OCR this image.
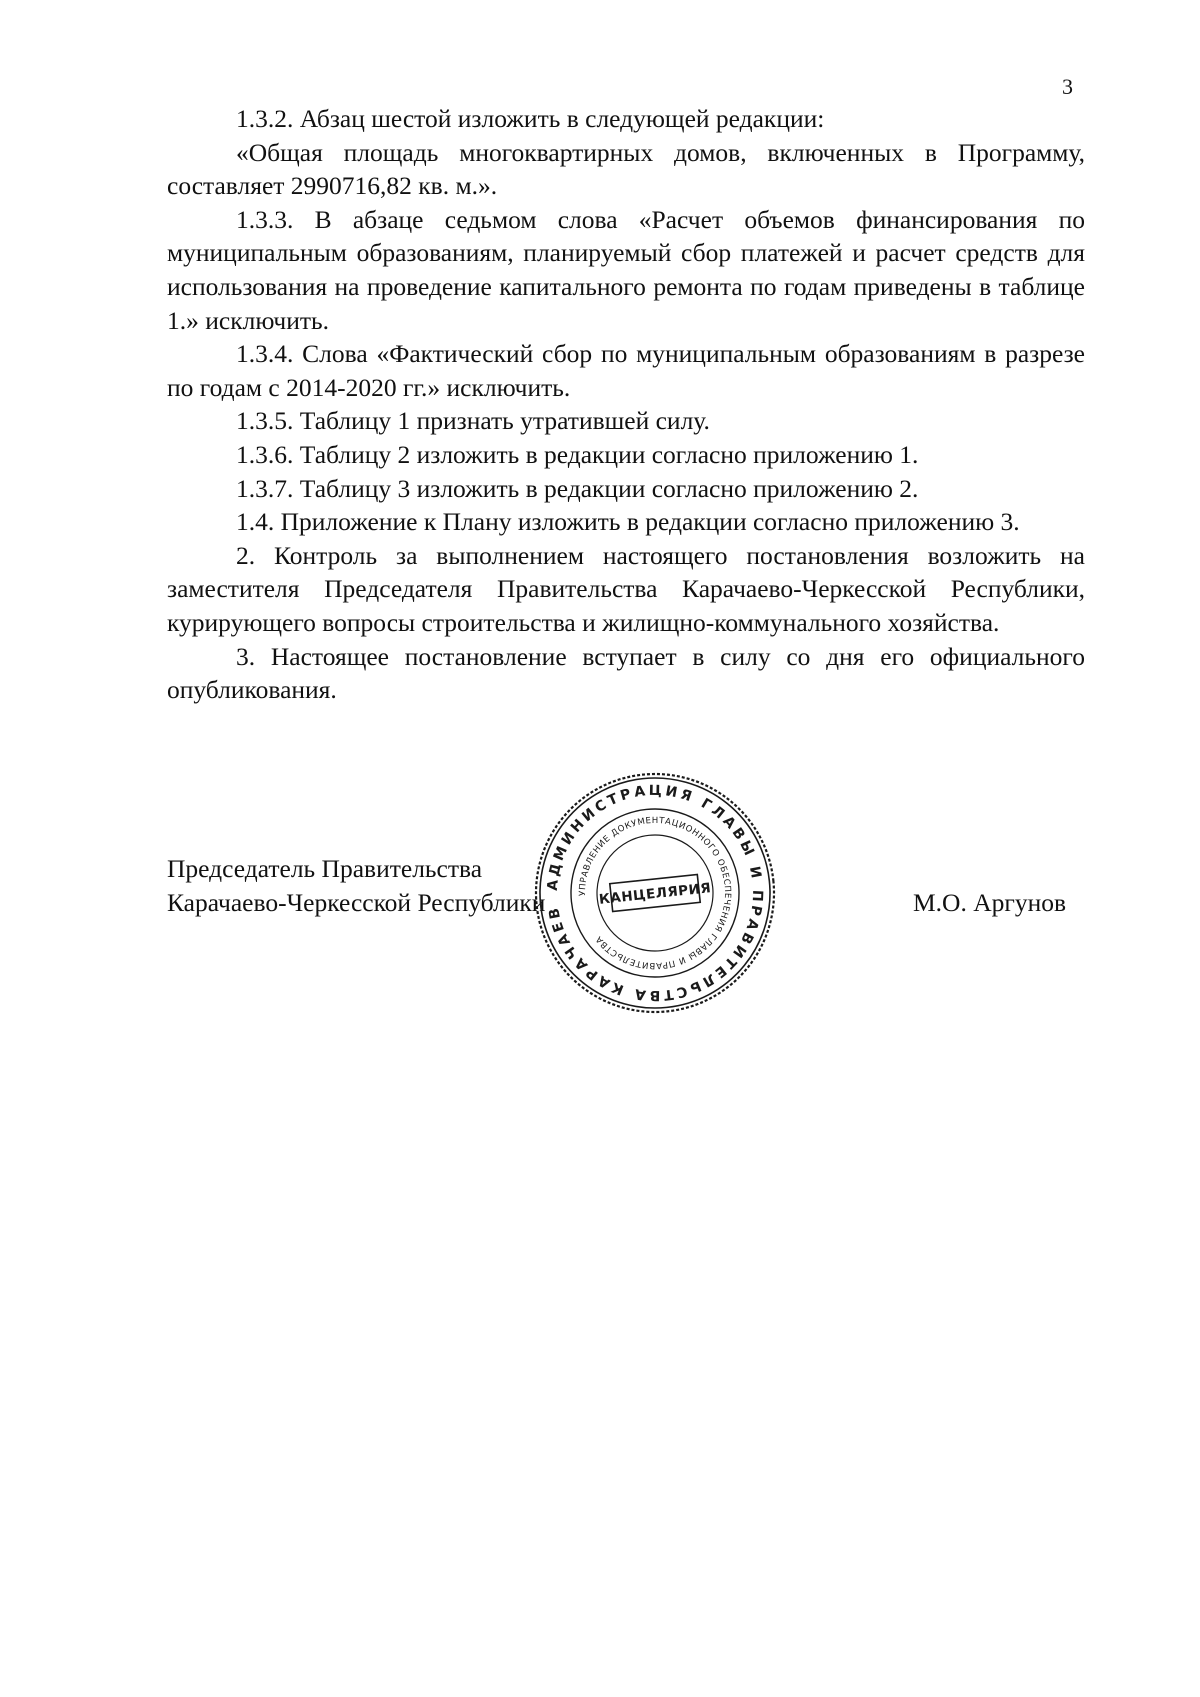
3

1.3.2. Абзац шестой изложить в следующей редакции:

«Общая площадь многоквартирных домов, включенных в Программу, составляет 2990716,82 кв. м.».

1.3.3. В абзаце седьмом слова «Расчет объемов финансирования по муниципальным образованиям, планируемый сбор платежей и расчет средств для использования на проведение капитального ремонта по годам приведены в таблице 1.» исключить.

1.3.4. Слова «Фактический сбор по муниципальным образованиям в разрезе по годам с 2014-2020 гг.» исключить.

1.3.5. Таблицу 1 признать утратившей силу.

1.3.6. Таблицу 2 изложить в редакции согласно приложению 1.

1.3.7. Таблицу 3 изложить в редакции согласно приложению 2.

1.4. Приложение к Плану изложить в редакции согласно приложению 3.

2. Контроль за выполнением настоящего постановления возложить на заместителя Председателя Правительства Карачаево-Черкесской Республики, курирующего вопросы строительства и жилищно-коммунального хозяйства.

3. Настоящее постановление вступает в силу со дня его официального опубликования.

Председатель Правительства
Карачаево-Черкесской Республики	М.О. Аргунов
АДМИНИСТРАЦИЯ ГЛАВЫ И ПРАВИТЕЛЬСТВА КАРАЧАЕВО-ЧЕРКЕССКОЙ
УПРАВЛЕНИЕ ДОКУМЕНТАЦИОННОГО ОБЕСПЕЧЕНИЯ ГЛАВЫ И ПРАВИТЕЛЬСТВА
КАНЦЕЛЯРИЯ
